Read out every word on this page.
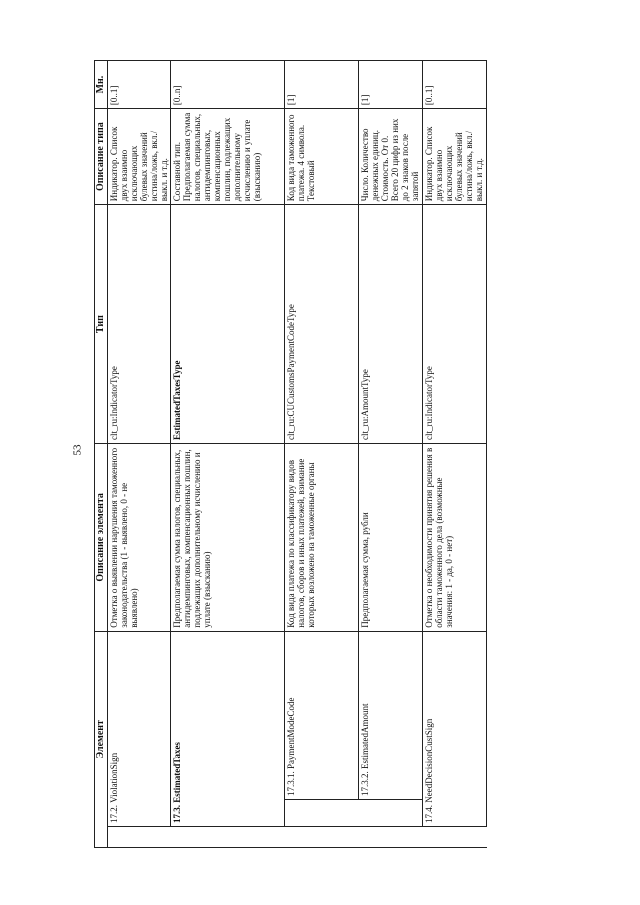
53
Элемент			Описание элемента	Тип	Описание типа	Мн.
	17.2. ViolationSign		Отметка о выявлении нарушения таможенного законодательства (1 - выявлено, 0 - не выявлено)	clt_ru:IndicatorType	Индикатор. Список двух взаимно исключающих булевых значений истина/ложь, вкл./выкл. и т.д.	[0..1]
	17.3. EstimatedTaxes		Предполагаемая сумма налогов, специальных, антидемпинговых, компенсационных пошлин, подлежащих дополнительному исчислению и уплате (взысканию)	EstimatedTaxesType	Составной тип. Предполагаемая сумма налогов, специальных, антидемпинговых, компенсационных пошлин, подлежащих дополнительному исчислению и уплате (взысканию)	[0..n]
		17.3.1. PaymentModeCode	Код вида платежа по классификатору видов налогов, сборов и иных платежей, взимание которых возложено на таможенные органы	clt_ru:CUCustomsPaymentCodeType	Код вида таможенного платежа. 4 символа. Текстовый	[1]
		17.3.2. EstimatedAmount	Предполагаемая сумма, рубли	clt_ru:AmountType	Число. Количество денежных единиц. Стоимость. От 0. Всего 20 цифр из них до 2 знаков после запятой	[1]
	17.4. NeedDecisionCustSign		Отметка о необходимости принятия решения в области таможенного дела (возможные значения: 1 - да, 0 - нет)	clt_ru:IndicatorType	Индикатор. Список двух взаимно исключающих булевых значений истина/ложь, вкл./выкл. и т.д.	[0..1]
